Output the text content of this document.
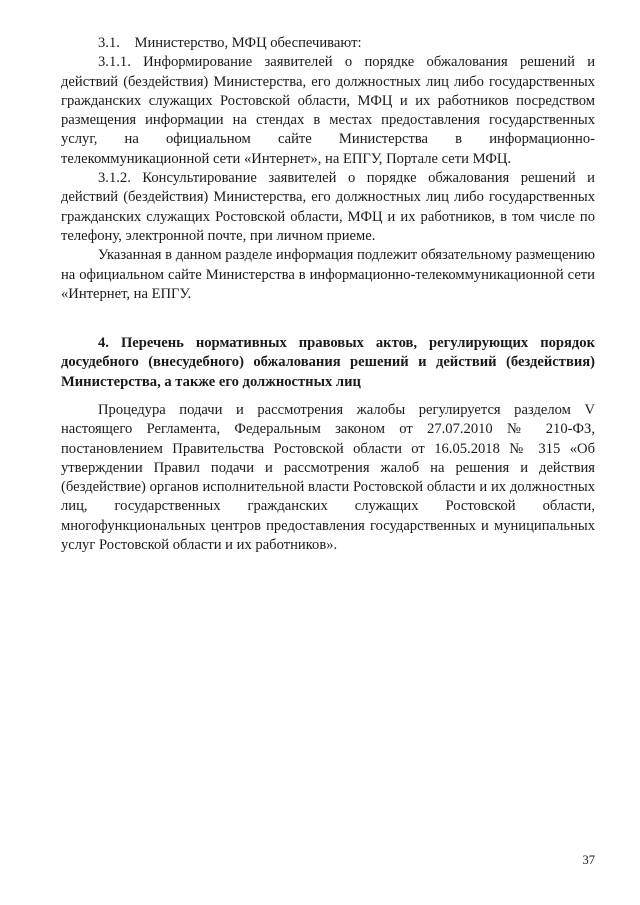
3.1.    Министерство, МФЦ обеспечивают:

3.1.1. Информирование заявителей о порядке обжалования решений и действий (бездействия) Министерства, его должностных лиц либо государственных гражданских служащих Ростовской области, МФЦ и их работников посредством размещения информации на стендах в местах предоставления государственных услуг, на официальном сайте Министерства в информационно-телекоммуникационной сети «Интернет», на ЕПГУ, Портале сети МФЦ.

3.1.2. Консультирование заявителей о порядке обжалования решений и действий (бездействия) Министерства, его должностных лиц либо государственных гражданских служащих Ростовской области, МФЦ и их работников, в том числе по телефону, электронной почте, при личном приеме.

Указанная в данном разделе информация подлежит обязательному размещению на официальном сайте Министерства в информационно-телекоммуникационной сети «Интернет, на ЕПГУ.

4. Перечень нормативных правовых актов, регулирующих порядок досудебного (внесудебного) обжалования решений и действий (бездействия) Министерства, а также его должностных лиц

Процедура подачи и рассмотрения жалобы регулируется разделом V настоящего Регламента, Федеральным законом от 27.07.2010 № 210-ФЗ, постановлением Правительства Ростовской области от 16.05.2018 № 315 «Об утверждении Правил подачи и рассмотрения жалоб на решения и действия (бездействие) органов исполнительной власти Ростовской области и их должностных лиц, государственных гражданских служащих Ростовской области, многофункциональных центров предоставления государственных и муниципальных услуг Ростовской области и их работников».

37
